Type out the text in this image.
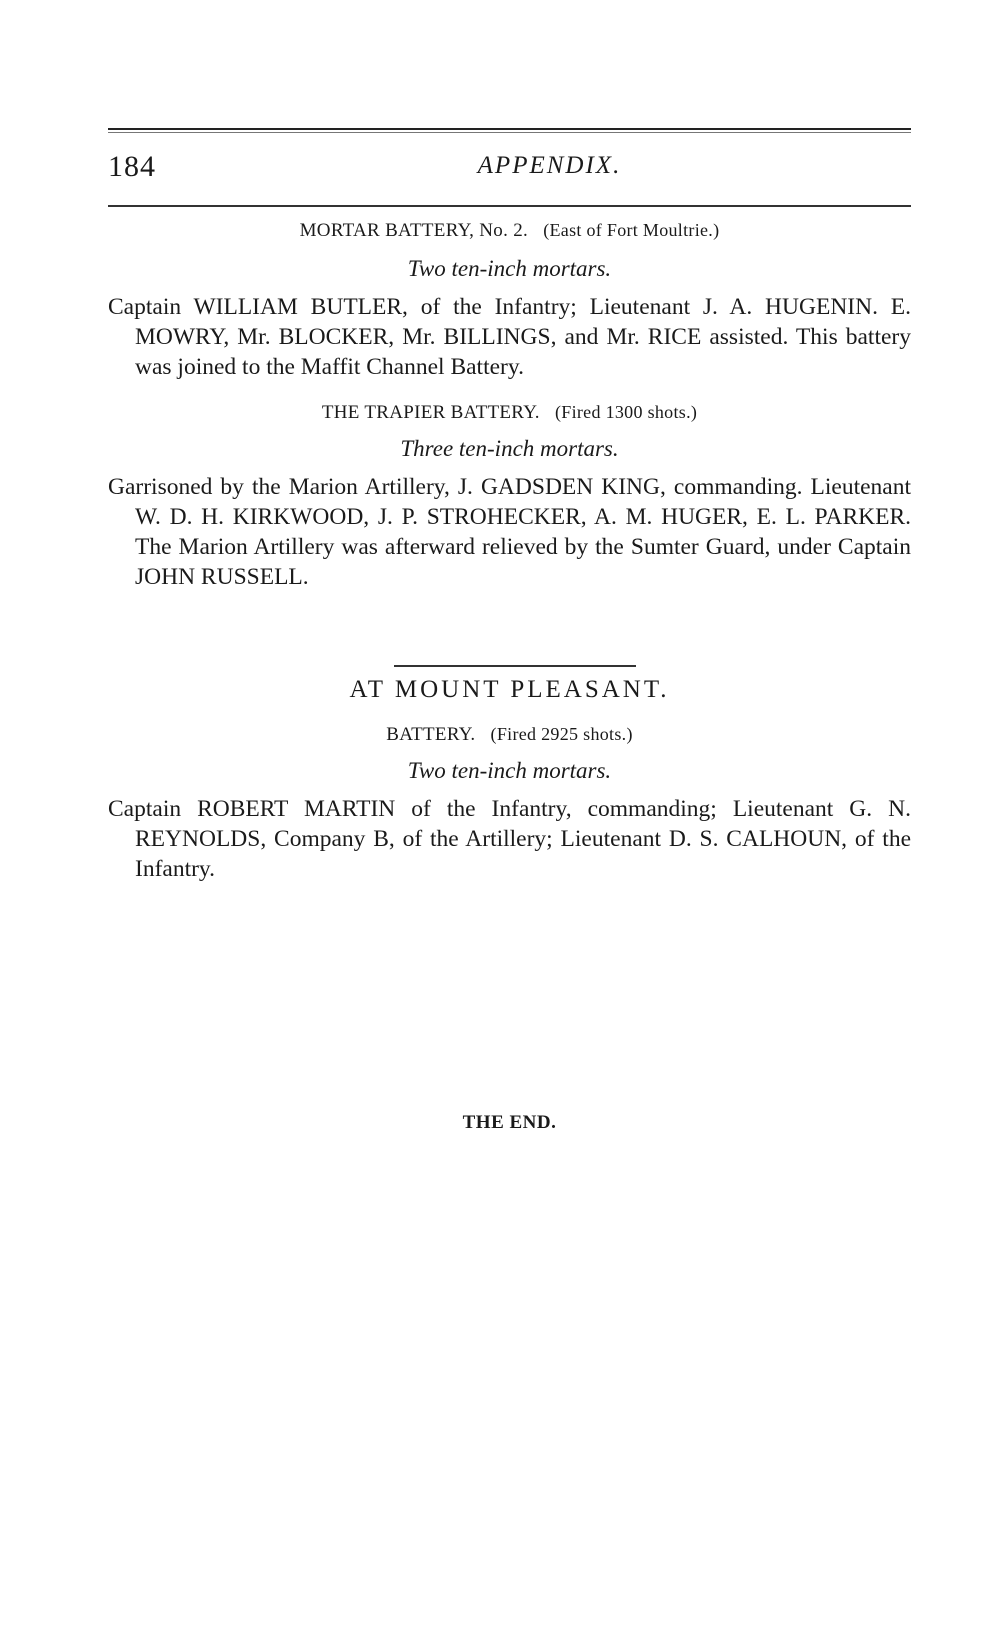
184	APPENDIX.

MORTAR BATTERY, No. 2. (East of Fort Moultrie.)

Two ten-inch mortars.

Captain WILLIAM BUTLER, of the Infantry; Lieutenant J. A. HUGENIN. E. MOWRY, Mr. BLOCKER, Mr. BILLINGS, and Mr. RICE assisted. This battery was joined to the Maffit Channel Battery.

THE TRAPIER BATTERY. (Fired 1300 shots.)

Three ten-inch mortars.

Garrisoned by the Marion Artillery, J. GADSDEN KING, commanding. Lieutenant W. D. H. KIRKWOOD, J. P. STROHECKER, A. M. HUGER, E. L. PARKER. The Marion Artillery was afterward relieved by the Sumter Guard, under Captain JOHN RUSSELL.

AT MOUNT PLEASANT.

BATTERY. (Fired 2925 shots.)

Two ten-inch mortars.

Captain ROBERT MARTIN of the Infantry, commanding; Lieutenant G. N. REYNOLDS, Company B, of the Artillery; Lieutenant D. S. CALHOUN, of the Infantry.

THE END.
